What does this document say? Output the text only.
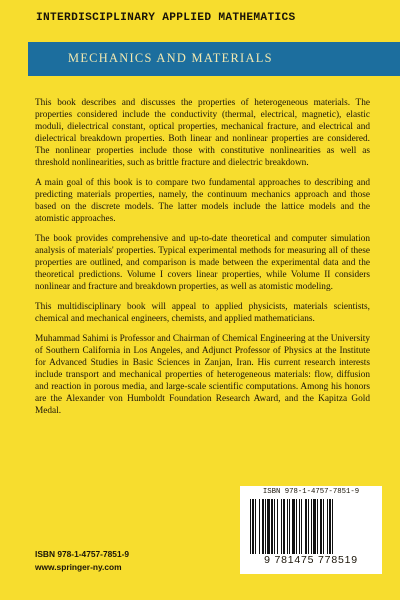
INTERDISCIPLINARY APPLIED MATHEMATICS
MECHANICS AND MATERIALS

This book describes and discusses the properties of heterogeneous materials. The properties considered include the conductivity (thermal, electrical, magnetic), elastic moduli, dielectrical constant, optical properties, mechanical fracture, and electrical and dielectrical breakdown properties. Both linear and nonlinear properties are considered. The nonlinear properties include those with constitutive nonlinearities as well as threshold nonlinearities, such as brittle fracture and dielectric breakdown.

A main goal of this book is to compare two fundamental approaches to describing and predicting materials properties, namely, the continuum mechanics approach and those based on the discrete models. The latter models include the lattice models and the atomistic approaches.

The book provides comprehensive and up-to-date theoretical and computer simulation analysis of materials' properties. Typical experimental methods for measuring all of these properties are outlined, and comparison is made between the experimental data and the theoretical predictions. Volume I covers linear properties, while Volume II considers nonlinear and fracture and breakdown properties, as well as atomistic modeling.

This multidisciplinary book will appeal to applied physicists, materials scientists, chemical and mechanical engineers, chemists, and applied mathematicians.

Muhammad Sahimi is Professor and Chairman of Chemical Engineering at the University of Southern California in Los Angeles, and Adjunct Professor of Physics at the Institute for Advanced Studies in Basic Sciences in Zanjan, Iran. His current research interests include transport and mechanical properties of heterogeneous materials: flow, diffusion and reaction in porous media, and large-scale scientific computations. Among his honors are the Alexander von Humboldt Foundation Research Award, and the Kapitza Gold Medal.

ISBN 978-1-4757-7851-9
9 781475 778519
ISBN 978-1-4757-7851-9
www.springer-ny.com
